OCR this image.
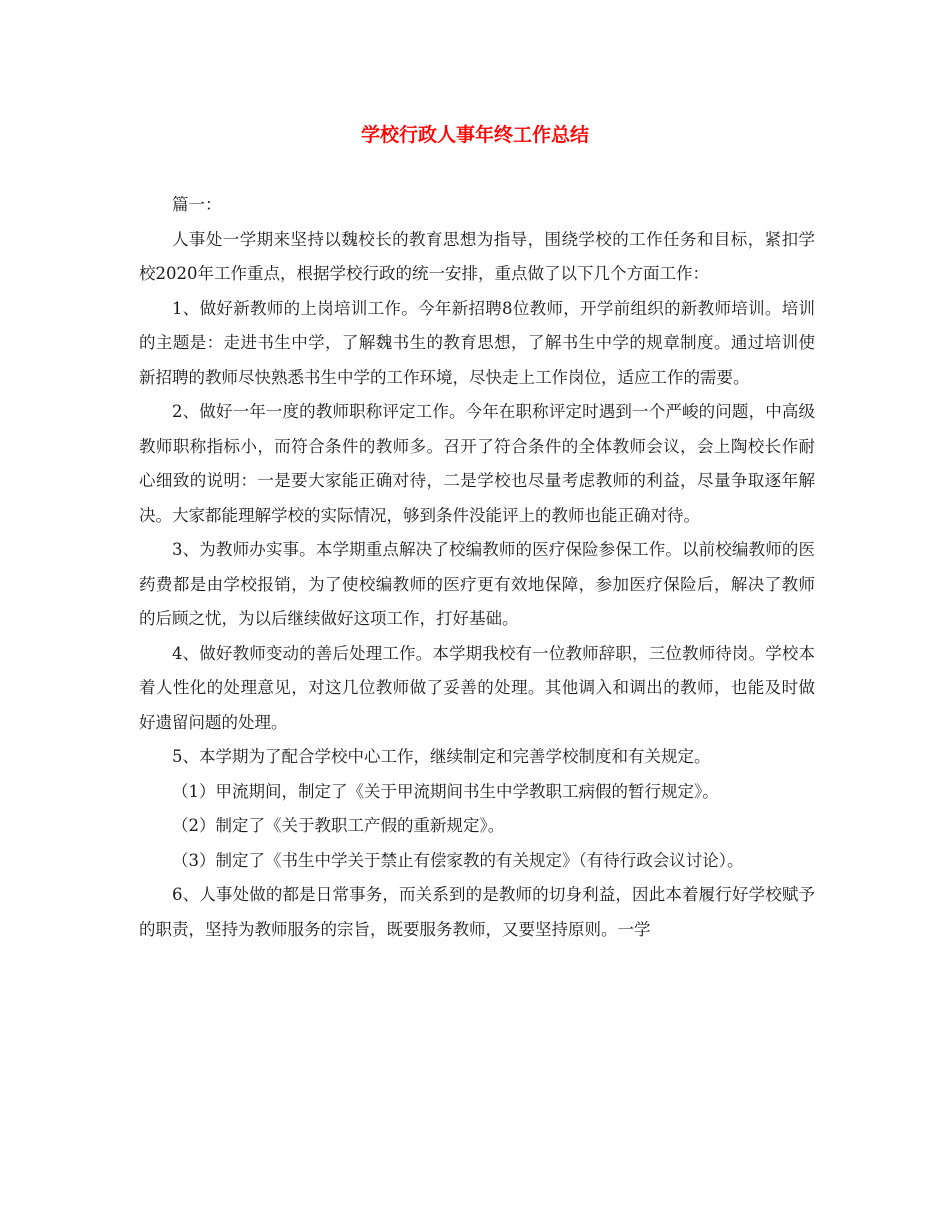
学校行政人事年终工作总结

篇一：

人事处一学期来坚持以魏校长的教育思想为指导，围绕学校的工作任务和目标，紧扣学校2020年工作重点，根据学校行政的统一安排，重点做了以下几个方面工作：

1、做好新教师的上岗培训工作。今年新招聘8位教师，开学前组织的新教师培训。培训的主题是：走进书生中学，了解魏书生的教育思想，了解书生中学的规章制度。通过培训使新招聘的教师尽快熟悉书生中学的工作环境，尽快走上工作岗位，适应工作的需要。

2、做好一年一度的教师职称评定工作。今年在职称评定时遇到一个严峻的问题，中高级教师职称指标小，而符合条件的教师多。召开了符合条件的全体教师会议，会上陶校长作耐心细致的说明：一是要大家能正确对待，二是学校也尽量考虑教师的利益，尽量争取逐年解决。大家都能理解学校的实际情况，够到条件没能评上的教师也能正确对待。

3、为教师办实事。本学期重点解决了校编教师的医疗保险参保工作。以前校编教师的医药费都是由学校报销，为了使校编教师的医疗更有效地保障，参加医疗保险后，解决了教师的后顾之忧，为以后继续做好这项工作，打好基础。

4、做好教师变动的善后处理工作。本学期我校有一位教师辞职，三位教师待岗。学校本着人性化的处理意见，对这几位教师做了妥善的处理。其他调入和调出的教师，也能及时做好遗留问题的处理。

5、本学期为了配合学校中心工作，继续制定和完善学校制度和有关规定。

（1）甲流期间，制定了《关于甲流期间书生中学教职工病假的暂行规定》。

（2）制定了《关于教职工产假的重新规定》。

（3）制定了《书生中学关于禁止有偿家教的有关规定》（有待行政会议讨论）。

6、人事处做的都是日常事务，而关系到的是教师的切身利益，因此本着履行好学校赋予的职责，坚持为教师服务的宗旨，既要服务教师，又要坚持原则。一学
